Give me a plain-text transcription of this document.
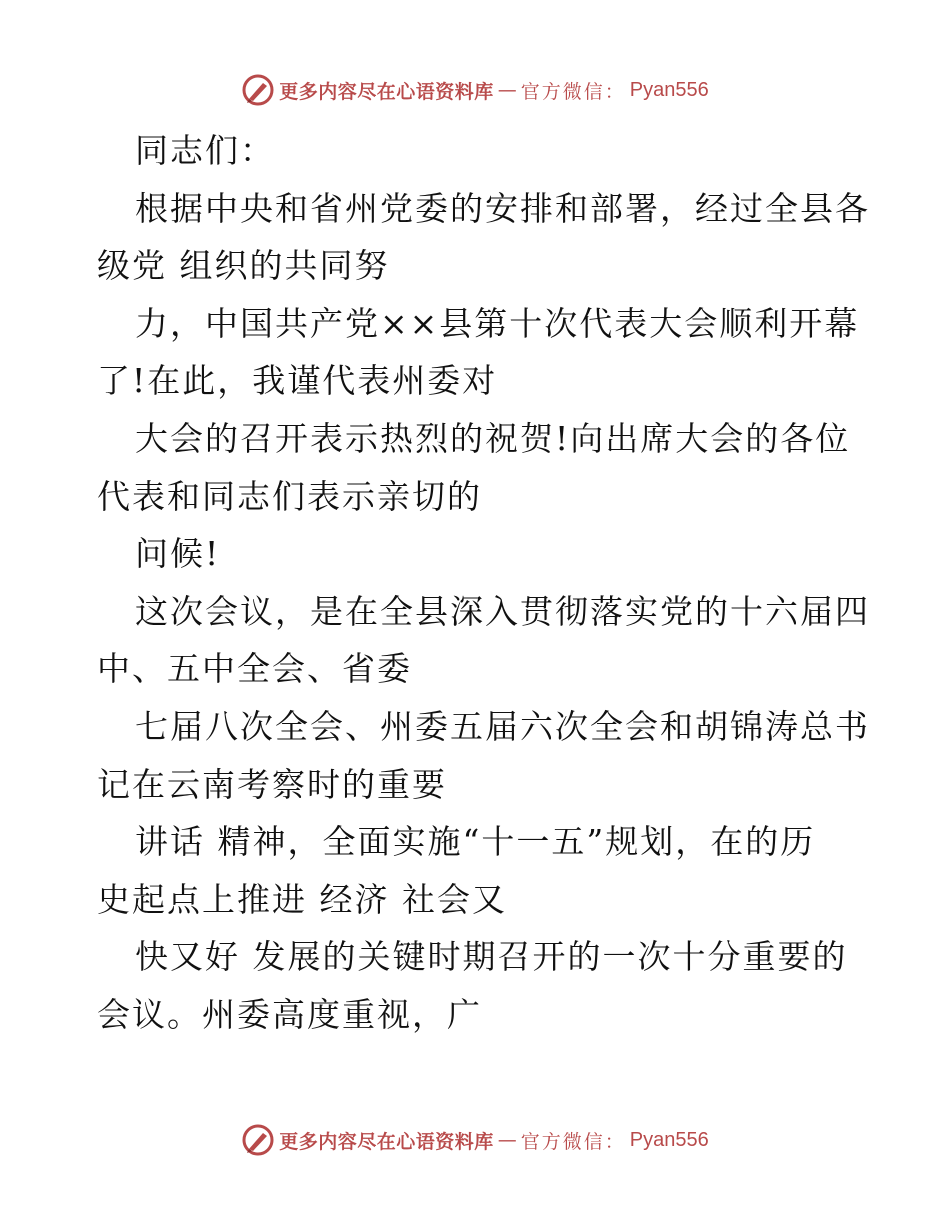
更多内容尽在心语资料库 — 官方微信： Pyan556
同志们：
根据中央和省州党委的安排和部署，经过全县各
级党 组织的共同努
力，中国共产党××县第十次代表大会顺利开幕
了!在此，我谨代表州委对
大会的召开表示热烈的祝贺!向出席大会的各位
代表和同志们表示亲切的
问候!
这次会议，是在全县深入贯彻落实党的十六届四
中、五中全会、省委
七届八次全会、州委五届六次全会和胡锦涛总书
记在云南考察时的重要
讲话 精神，全面实施“十一五”规划，在的历
史起点上推进 经济 社会又
快又好 发展的关键时期召开的一次十分重要的
会议。州委高度重视，广
更多内容尽在心语资料库 — 官方微信： Pyan556
